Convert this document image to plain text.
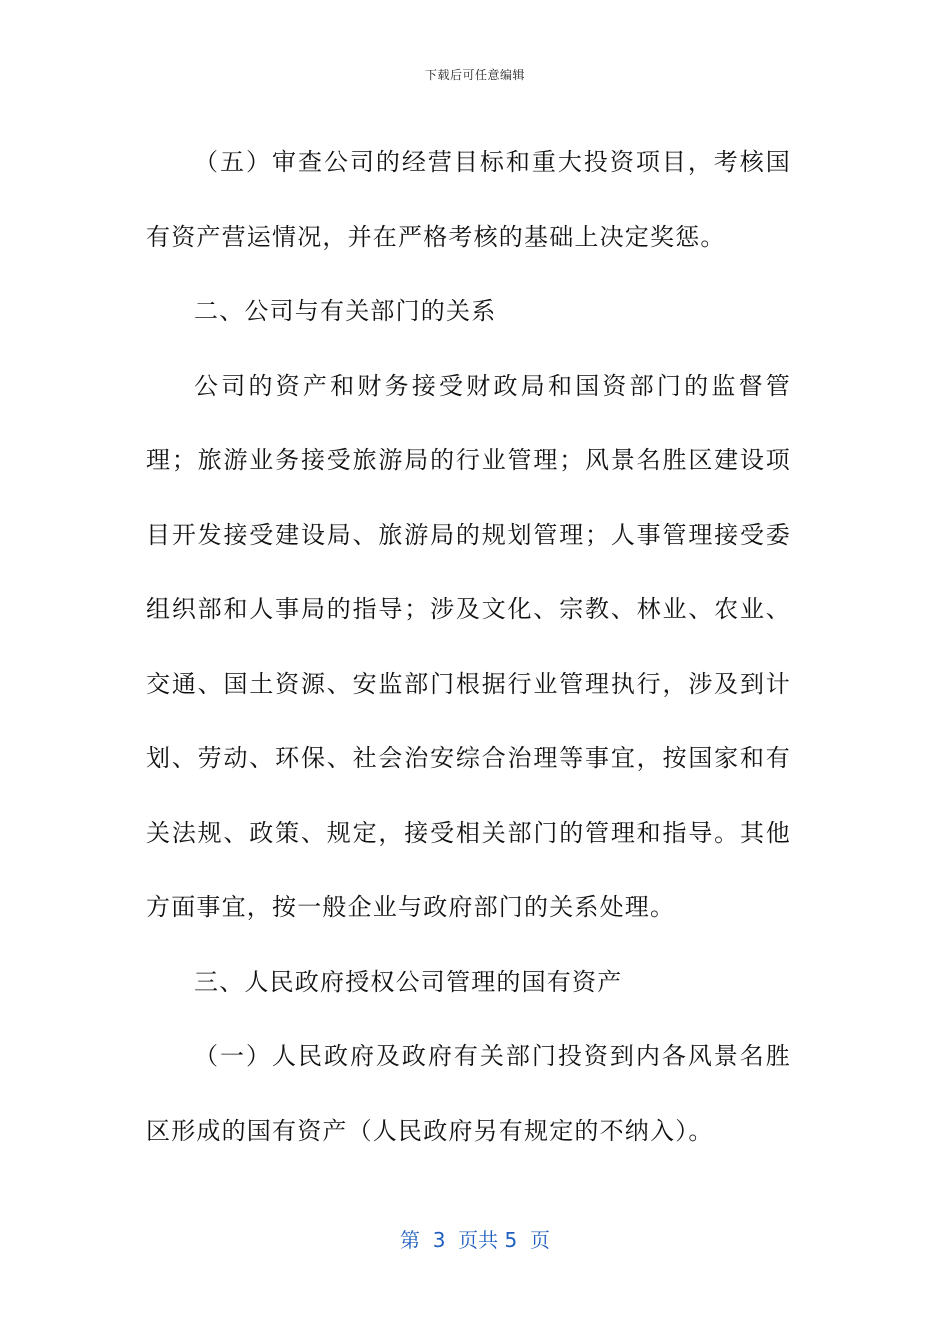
下载后可任意编辑

（五）审查公司的经营目标和重大投资项目，考核国有资产营运情况，并在严格考核的基础上决定奖惩。

二、公司与有关部门的关系

公司的资产和财务接受财政局和国资部门的监督管理；旅游业务接受旅游局的行业管理；风景名胜区建设项目开发接受建设局、旅游局的规划管理；人事管理接受委组织部和人事局的指导；涉及文化、宗教、林业、农业、交通、国土资源、安监部门根据行业管理执行，涉及到计划、劳动、环保、社会治安综合治理等事宜，按国家和有关法规、政策、规定，接受相关部门的管理和指导。其他方面事宜，按一般企业与政府部门的关系处理。

三、人民政府授权公司管理的国有资产

（一）人民政府及政府有关部门投资到内各风景名胜区形成的国有资产（人民政府另有规定的不纳入）。

第  3  页共 5  页
